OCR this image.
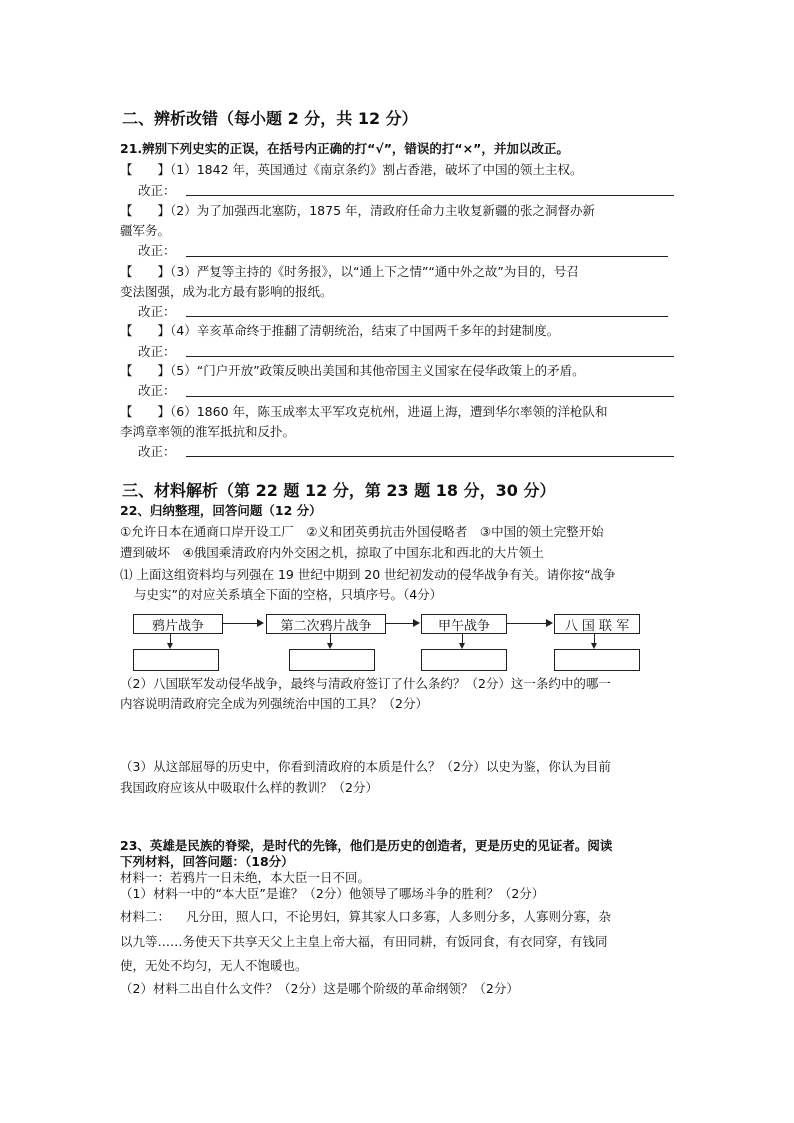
二、辨析改错（每小题 2 分，共 12 分）
21.辨别下列史实的正误，在括号内正确的打“√”，错误的打“×”，并加以改正。
【　　】（1）1842 年，英国通过《南京条约》割占香港，破坏了中国的领土主权。
改正：
【　　】（2）为了加强西北塞防，1875 年，清政府任命力主收复新疆的张之洞督办新
疆军务。
改正：
【　　】（3）严复等主持的《时务报》，以“通上下之情”“通中外之故”为目的，号召
变法图强，成为北方最有影响的报纸。
改正：
【　　】（4）辛亥革命终于推翻了清朝统治，结束了中国两千多年的封建制度。
改正：
【　　】（5）“门户开放”政策反映出美国和其他帝国主义国家在侵华政策上的矛盾。
改正：
【　　】（6）1860 年，陈玉成率太平军攻克杭州，进逼上海，遭到华尔率领的洋枪队和
李鸿章率领的淮军抵抗和反扑。
改正：
三、材料解析（第 22 题 12 分，第 23 题 18 分，30 分）
22、归纳整理，回答问题（12 分）
①允许日本在通商口岸开设工厂　②义和团英勇抗击外国侵略者　③中国的领土完整开始
遭到破坏　④俄国乘清政府内外交困之机，掠取了中国东北和西北的大片领土
⑴ 上面这组资料均与列强在 19 世纪中期到 20 世纪初发动的侵华战争有关。请你按“战争
与史实”的对应关系填全下面的空格，只填序号。（4分）
鸦片战争	第二次鸦片战争	甲午战争	八 国 联 军
（2）八国联军发动侵华战争，最终与清政府签订了什么条约？（2分）这一条约中的哪一
内容说明清政府完全成为列强统治中国的工具？（2分）
（3）从这部屈辱的历史中，你看到清政府的本质是什么？（2分）以史为鉴，你认为目前
我国政府应该从中吸取什么样的教训？（2分）
23、英雄是民族的脊梁，是时代的先锋，他们是历史的创造者，更是历史的见证者。阅读
下列材料，回答问题：（18分）
材料一：若鸦片一日未绝，本大臣一日不回。
（1）材料一中的“本大臣”是谁？（2分）他领导了哪场斗争的胜利？（2分）
材料二： 凡分田，照人口，不论男妇，算其家人口多寡，人多则分多，人寡则分寡，杂
以九等……务使天下共享天父上主皇上帝大福，有田同耕，有饭同食，有衣同穿，有钱同
使，无处不均匀，无人不饱暖也。
（2）材料二出自什么文件？（2分）这是哪个阶级的革命纲领？（2分）
